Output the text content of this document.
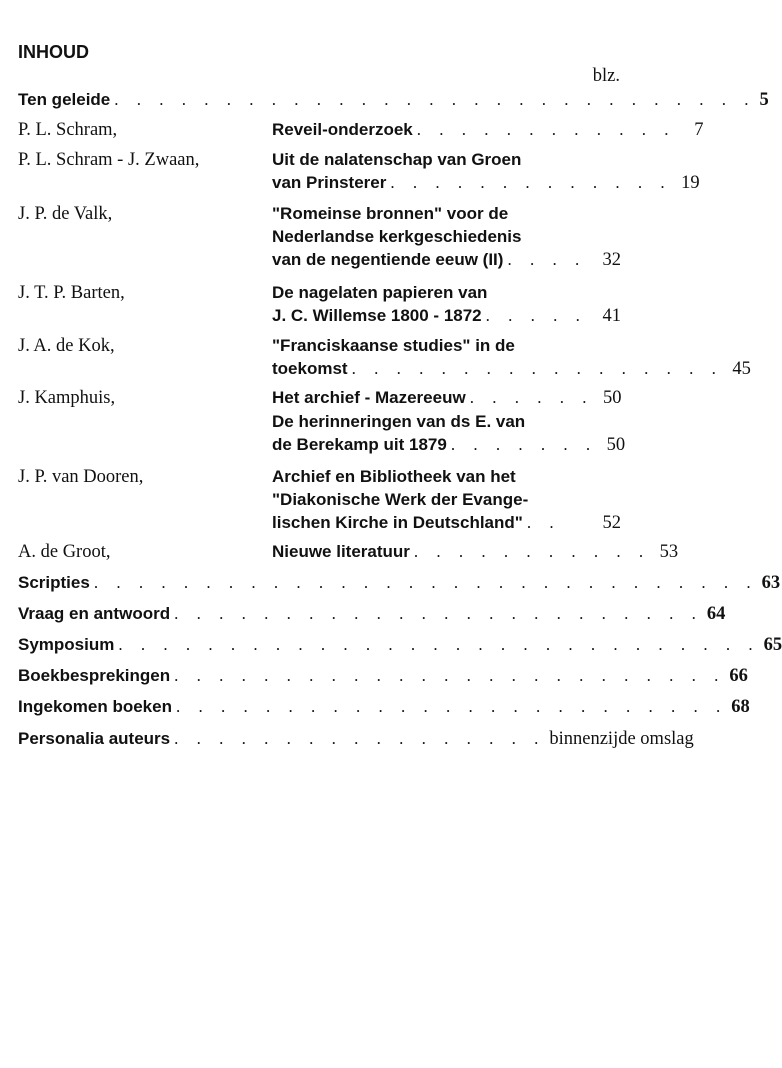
INHOUD
blz.
Ten geleide . . . . . . . . . . . . . . . . . . . . . . . . . . . . . 5
P. L. Schram,	Reveil-onderzoek . . . . . . . . . . . .	7
P. L. Schram - J. Zwaan,	Uit de nalatenschap van Groen
van Prinsterer . . . . . . . . . . . . . 19
J. P. de Valk,	"Romeinse bronnen" voor de
Nederlandse kerkgeschiedenis
van de negentiende eeuw (II) . . . . 32
J. T. P. Barten,	De nagelaten papieren van
J. C. Willemse 1800 - 1872 . . . . . 41
J. A. de Kok,	"Franciskaanse studies" in de
toekomst . . . . . . . . . . . . . . . . . 45
J. Kamphuis,	Het archief - Mazereeuw . . . . . . 50
De herinneringen van ds E. van
de Berekamp uit 1879 . . . . . . . 50
J. P. van Dooren,	Archief en Bibliotheek van het
"Diakonische Werk der Evange-
lischen Kirche in Deutschland" . .	52
A. de Groot,	Nieuwe literatuur . . . . . . . . . . . 53
Scripties . . . . . . . . . . . . . . . . . . . . . . . . . . . . . . 63
Vraag en antwoord . . . . . . . . . . . . . . . . . . . . . . . . 64
Symposium . . . . . . . . . . . . . . . . . . . . . . . . . . . . . 65
Boekbesprekingen . . . . . . . . . . . . . . . . . . . . . . . . . 66
Ingekomen boeken . . . . . . . . . . . . . . . . . . . . . . . . . 68
Personalia auteurs . . . . . . . . . . . . . . . . . binnenzijde omslag
